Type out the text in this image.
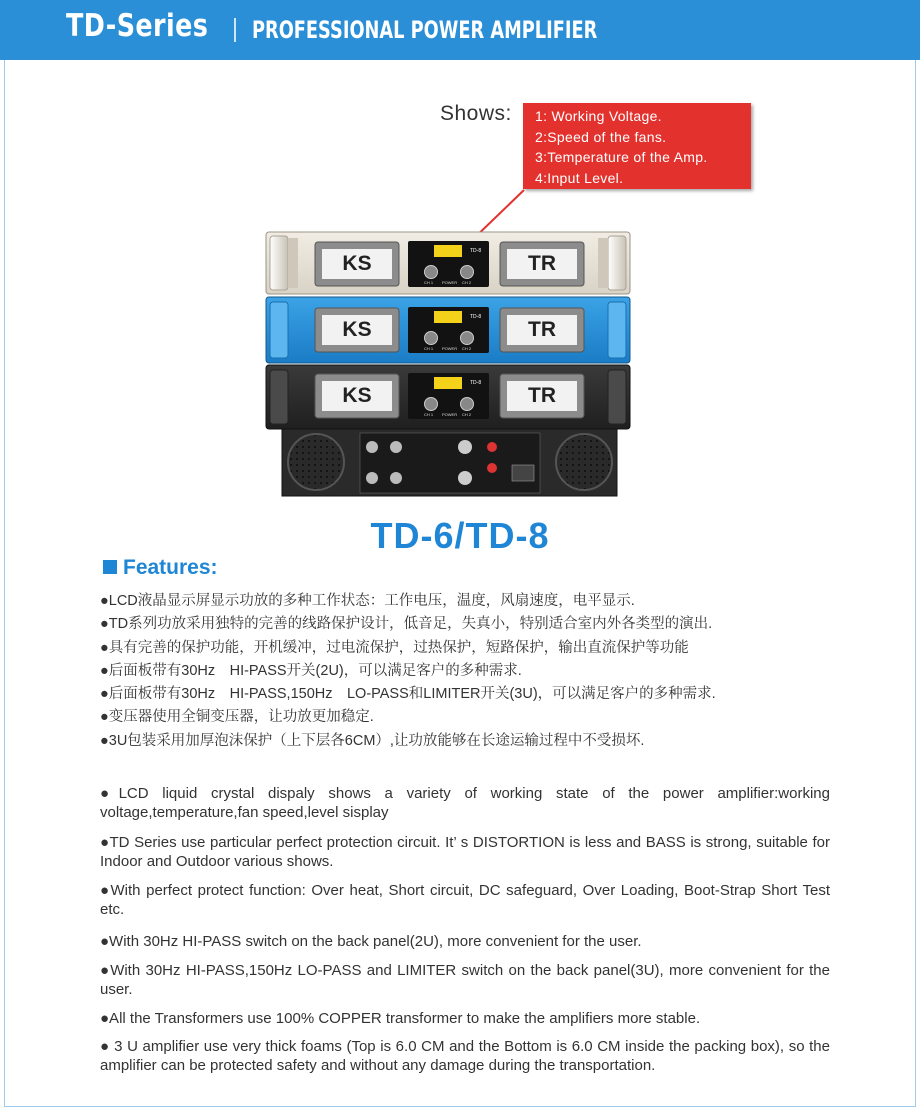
TD-Series PROFESSIONAL POWER AMPLIFIER
Shows: 1: Working Voltage.
2:Speed of the fans.
3:Temperature of the Amp.
4:Input Level.
KS	TR
KS	TR
KS	TR
TD-8
TD-8
TD-8
CH 1 POWER CH 2
CH 1 POWER CH 2
CH 1 POWER CH 2
TD-6/TD-8
Features:

●LCD液晶显示屏显示功放的多种工作状态：工作电压，温度，风扇速度，电平显示.

●TD系列功放采用独特的完善的线路保护设计，低音足，失真小，特别适合室内外各类型的演出.

●具有完善的保护功能，开机缓冲，过电流保护，过热保护，短路保护，输出直流保护等功能

●后面板带有30Hz　HI-PASS开关(2U)，可以满足客户的多种需求.

●后面板带有30Hz　HI-PASS,150Hz　LO-PASS和LIMITER开关(3U)，可以满足客户的多种需求.

●变压器使用全铜变压器，让功放更加稳定.

●3U包装采用加厚泡沫保护（上下层各6CM）,让功放能够在长途运输过程中不受损坏.

●LCD liquid crystal dispaly shows a variety of working state of the power amplifier:working voltage,temperature,fan speed,level sisplay

●TD Series use particular perfect protection circuit. It’ s DISTORTION is less and BASS is strong, suitable for Indoor and Outdoor various shows.

●With perfect protect function: Over heat, Short circuit, DC safeguard, Over Loading, Boot-Strap Short Test etc.

●With 30Hz HI-PASS switch on the back panel(2U), more convenient for the user.

●With 30Hz HI-PASS,150Hz LO-PASS and LIMITER switch on the back panel(3U), more convenient for the user.

●All the Transformers use 100% COPPER transformer to make the amplifiers more stable.

● 3 U amplifier use very thick foams (Top is 6.0 CM and the Bottom is 6.0 CM inside the packing box), so the amplifier can be protected safety and without any damage during the transportation.
